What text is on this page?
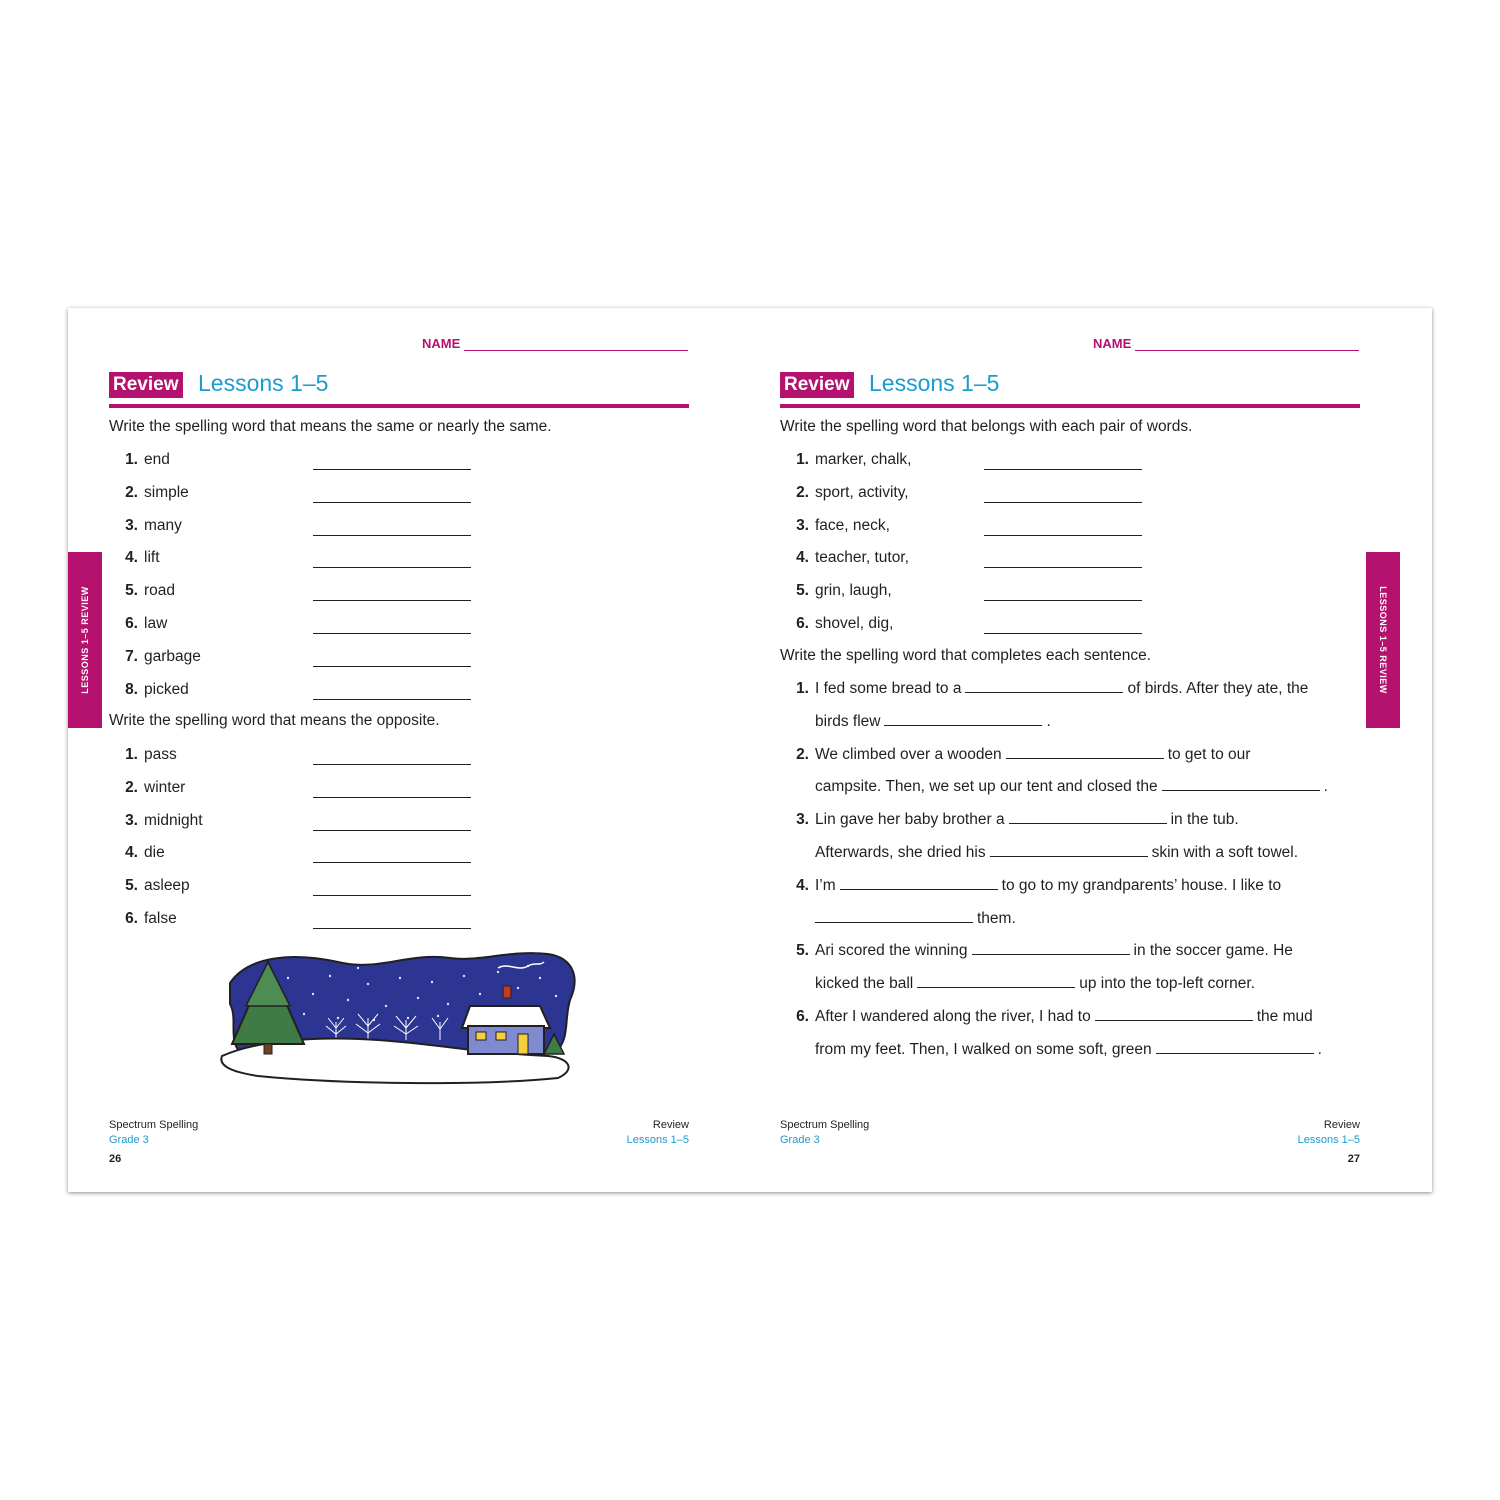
NAME
Review Lessons 1–5
LESSONS 1–5 REVIEW
Write the spelling word that means the same or nearly the same.
1. end
2. simple
3. many
4. lift
5. road
6. law
7. garbage
8. picked
Write the spelling word that means the opposite.
1. pass
2. winter
3. midnight
4. die
5. asleep
6. false
Spectrum Spelling
Grade 3
Review
Lessons 1–5
26
NAME
Review Lessons 1–5
LESSONS 1–5 REVIEW
Write the spelling word that belongs with each pair of words.
1. marker, chalk,
2. sport, activity,
3. face, neck,
4. teacher, tutor,
5. grin, laugh,
6. shovel, dig,
Write the spelling word that completes each sentence.
1. I fed some bread to a	of birds. After they ate, the
birds flew	.
2. We climbed over a wooden	to get to our
campsite. Then, we set up our tent and closed the	.
3. Lin gave her baby brother a	in the tub.
Afterwards, she dried his	skin with a soft towel.
4. I’m	to go to my grandparents’ house. I like to
them.
5. Ari scored the winning	in the soccer game. He
kicked the ball	up into the top-left corner.
6. After I wandered along the river, I had to	the mud
from my feet. Then, I walked on some soft, green	.
Spectrum Spelling
Grade 3
Review
Lessons 1–5
27
